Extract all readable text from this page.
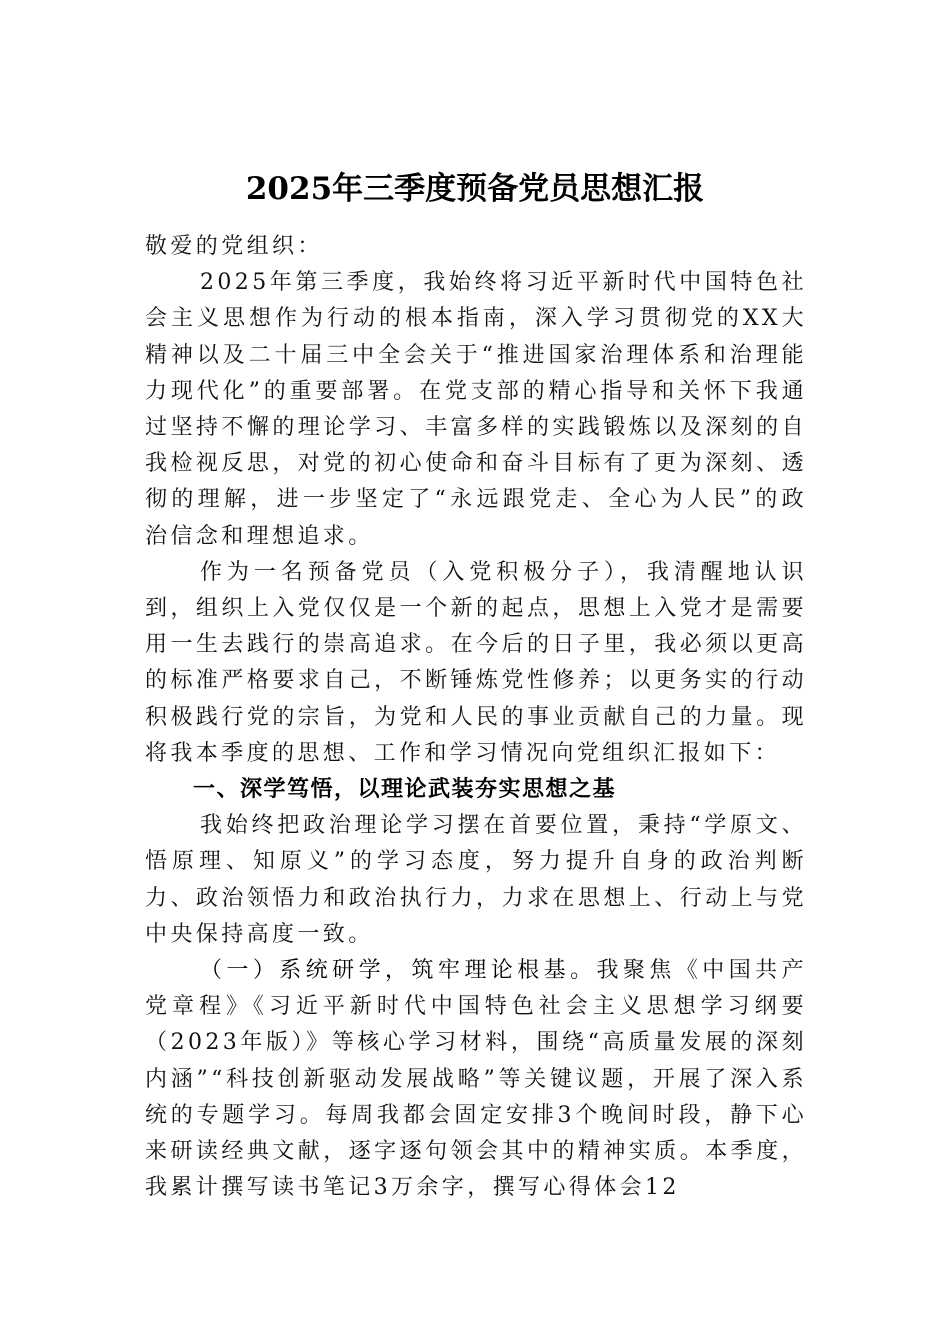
2025年三季度预备党员思想汇报

敬爱的党组织：

2025年第三季度，我始终将习近平新时代中国特色社会主义思想作为行动的根本指南，深入学习贯彻党的XX大精神以及二十届三中全会关于“推进国家治理体系和治理能力现代化”的重要部署。在党支部的精心指导和关怀下我通过坚持不懈的理论学习、丰富多样的实践锻炼以及深刻的自我检视反思，对党的初心使命和奋斗目标有了更为深刻、透彻的理解，进一步坚定了“永远跟党走、全心为人民”的政治信念和理想追求。

作为一名预备党员（入党积极分子），我清醒地认识到，组织上入党仅仅是一个新的起点，思想上入党才是需要用一生去践行的崇高追求。在今后的日子里，我必须以更高的标准严格要求自己，不断锤炼党性修养；以更务实的行动积极践行党的宗旨，为党和人民的事业贡献自己的力量。现将我本季度的思想、工作和学习情况向党组织汇报如下：

一、深学笃悟，以理论武装夯实思想之基

我始终把政治理论学习摆在首要位置，秉持“学原文、悟原理、知原义”的学习态度，努力提升自身的政治判断力、政治领悟力和政治执行力，力求在思想上、行动上与党中央保持高度一致。

（一）系统研学，筑牢理论根基。我聚焦《中国共产党章程》《习近平新时代中国特色社会主义思想学习纲要（2023年版）》等核心学习材料，围绕“高质量发展的深刻内涵”“科技创新驱动发展战略”等关键议题，开展了深入系统的专题学习。每周我都会固定安排3个晚间时段，静下心来研读经典文献，逐字逐句领会其中的精神实质。本季度，我累计撰写读书笔记3万余字，撰写心得体会12
